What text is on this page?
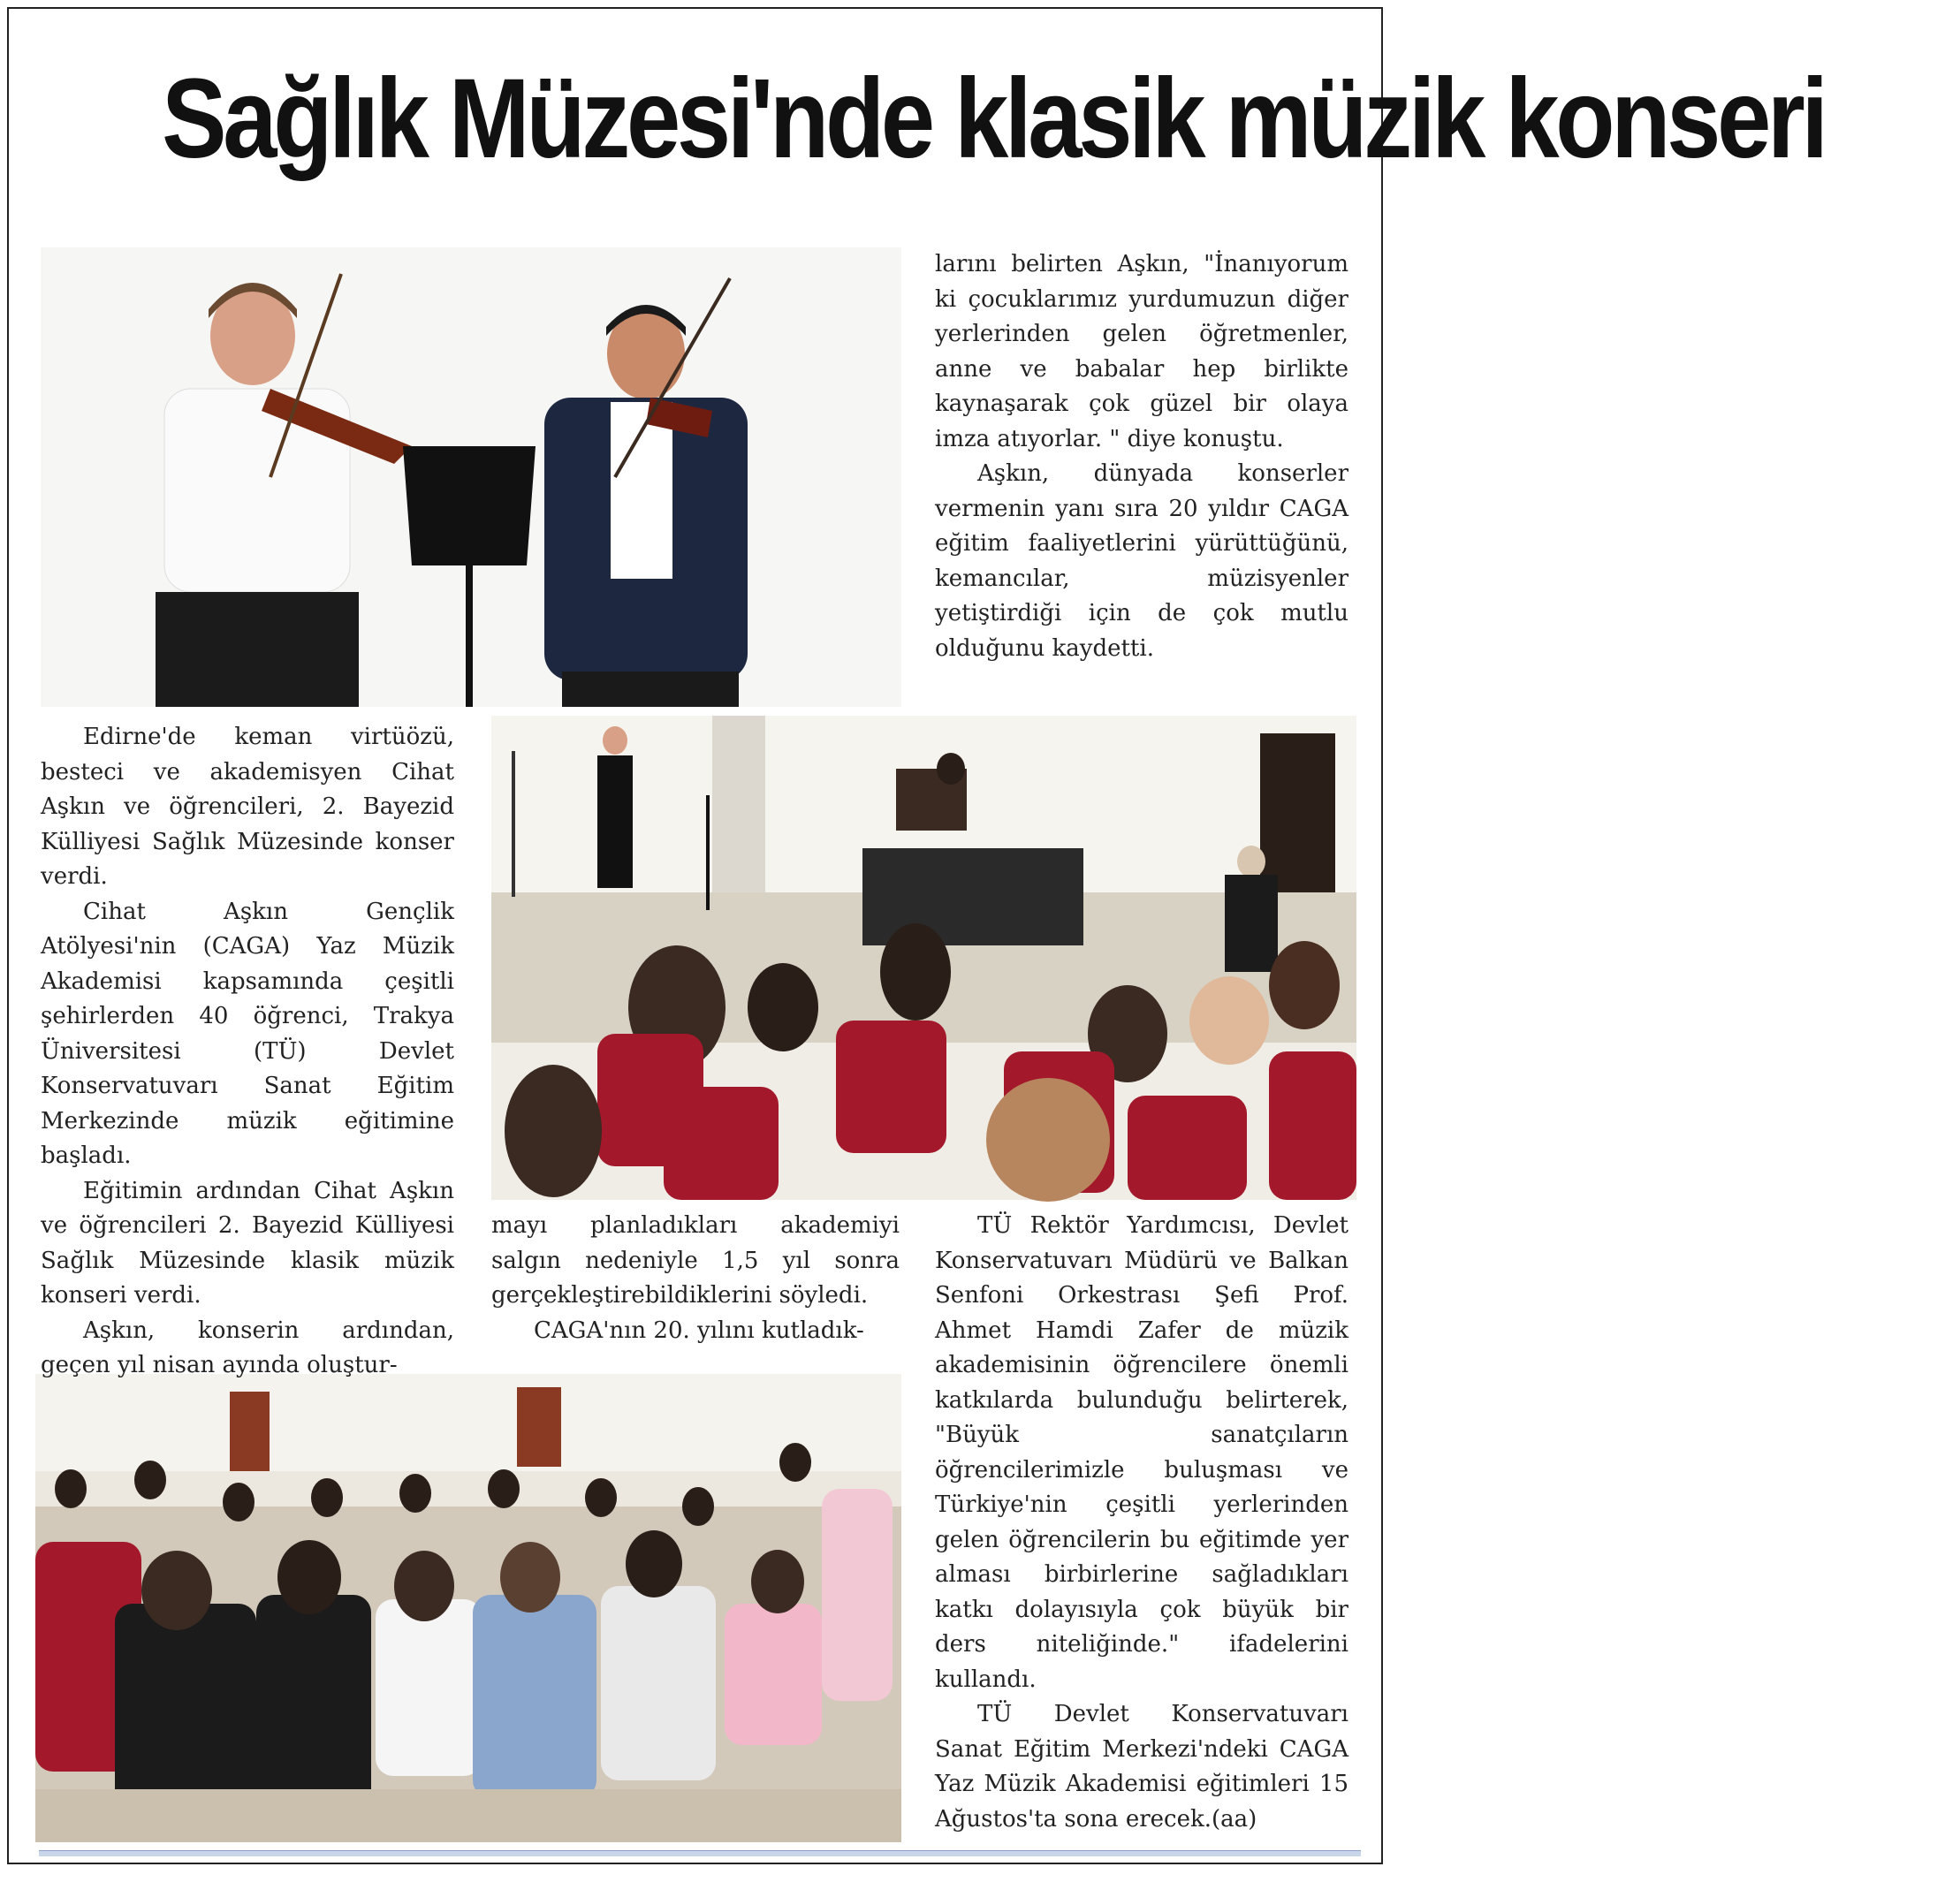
Sağlık Müzesi'nde klasik müzik konseri

larını belirten Aşkın, "İnanıyorum ki çocuklarımız yurdumuzun diğer yerlerinden gelen öğretmenler, anne ve babalar hep birlikte kaynaşarak çok güzel bir olaya imza atıyorlar. " diye konuştu.

Aşkın, dünyada konserler vermenin yanı sıra 20 yıldır CAGA eğitim faaliyetlerini yürüttüğünü, kemancılar, müzisyenler yetiştirdiği için de çok mutlu olduğunu kaydetti.

Edirne'de keman virtüözü, besteci ve akademisyen Cihat Aşkın ve öğrencileri, 2. Bayezid Külliyesi Sağlık Müzesinde konser verdi.

Cihat Aşkın Gençlik Atölyesi'nin (CAGA) Yaz Müzik Akademisi kapsamında çeşitli şehirlerden 40 öğrenci, Trakya Üniversitesi (TÜ) Devlet Konservatuvarı Sanat Eğitim Merkezinde müzik eğitimine başladı.

Eğitimin ardından Cihat Aşkın ve öğrencileri 2. Bayezid Külliyesi Sağlık Müzesinde klasik müzik konseri verdi.

Aşkın, konserin ardından, geçen yıl nisan ayında oluştur-

mayı planladıkları akademiyi salgın nedeniyle 1,5 yıl sonra gerçekleştirebildiklerini söyledi.

CAGA'nın 20. yılını kutladık-

TÜ Rektör Yardımcısı, Devlet Konservatuvarı Müdürü ve Balkan Senfoni Orkestrası Şefi Prof. Ahmet Hamdi Zafer de müzik akademisinin öğrencilere önemli katkılarda bulunduğu belirterek, "Büyük sanatçıların öğrencilerimizle buluşması ve Türkiye'nin çeşitli yerlerinden gelen öğrencilerin bu eğitimde yer alması birbirlerine sağladıkları katkı dolayısıyla çok büyük bir ders niteliğinde." ifadelerini kullandı.

TÜ Devlet Konservatuvarı Sanat Eğitim Merkezi'ndeki CAGA Yaz Müzik Akademisi eğitimleri 15 Ağustos'ta sona erecek.(aa)
